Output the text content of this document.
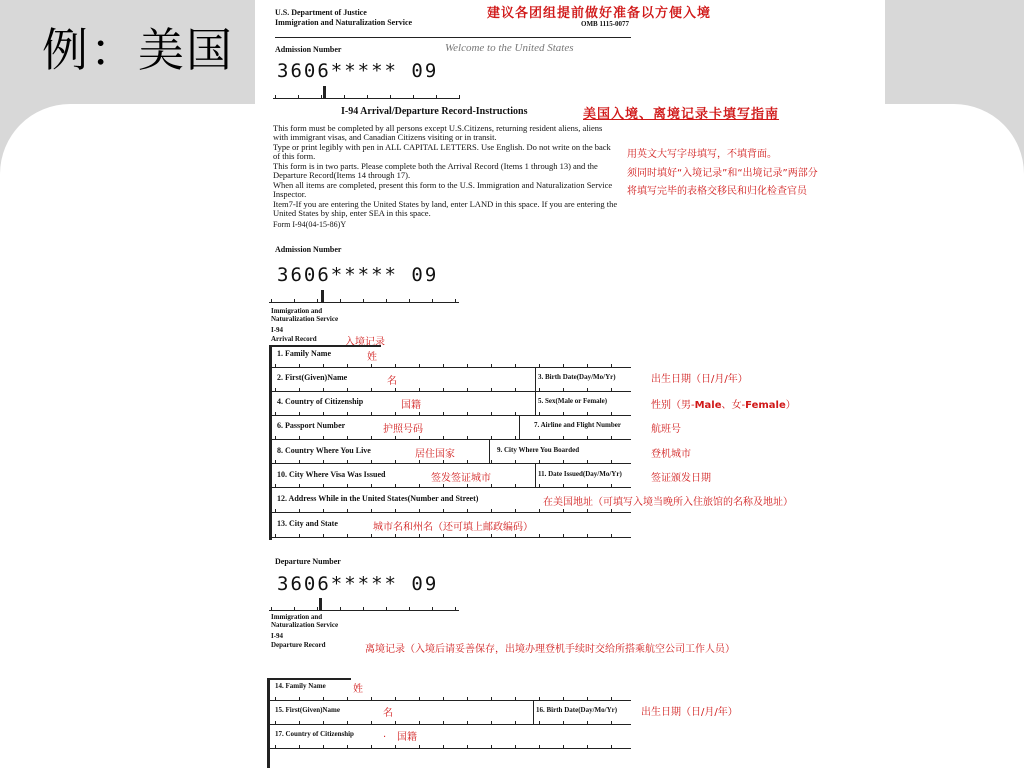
例：美国
U.S. Department of Justice
Immigration and Naturalization Service	OMB 1115-0077
建议各团组提前做好准备以方便入境
Admission Number	Welcome to the United States
3606***** 09
I-94 Arrival/Departure Record-Instructions	美国入境、离境记录卡填写指南
This form must be completed by all persons except U.S.Citizens, returning resident aliens, aliens with immigrant visas, and Canadian Citizens visiting or in transit.
Type or print legibly with pen in ALL CAPITAL LETTERS. Use English. Do not write on the back of this form.	用英文大写字母填写，不填背面。
This form is in two parts. Please complete both the Arrival Record (Items 1 through 13) and the Departure Record(Items 14 through 17).	须同时填好“入境记录”和“出境记录”两部分
When all items are completed, present this form to the U.S. Immigration and Naturalization Service Inspector.	将填写完毕的表格交移民和归化检查官员
Item7-If you are entering the United States by land, enter LAND in this space. If you are entering the United States by ship, enter SEA in this space.
Form I-94(04-15-86)Y
Admission Number
3606***** 09
Immigration and
Naturalization Service
I-94
Arrival Record	入境记录
1. Family Name	姓
2. First(Given)Name	名	3. Birth Date(Day/Mo/Yr)	出生日期（日/月/年）
4. Country of Citizenship	国籍	5. Sex(Male or Female)	性别（男-Male、女-Female）
6. Passport Number	护照号码	7. Airline and Flight Number	航班号
8. Country Where You Live	居住国家	9. City Where You Boarded	登机城市
10. City Where Visa Was Issued	签发签证城市	11. Date Issued(Day/Mo/Yr)	签证颁发日期
12. Address While in the United States(Number and Street)	在美国地址（可填写入境当晚所入住旅馆的名称及地址）
13. City and State	城市名和州名（还可填上邮政编码）
Departure Number
3606***** 09
Immigration and
Naturalization Service
I-94
Departure Record	离境记录（入境后请妥善保存，出境办理登机手续时交给所搭乘航空公司工作人员）
14. Family Name	姓
15. First(Given)Name	名	16. Birth Date(Day/Mo/Yr) 出生日期（日/月/年）
17. Country of Citizenship	. 国籍
